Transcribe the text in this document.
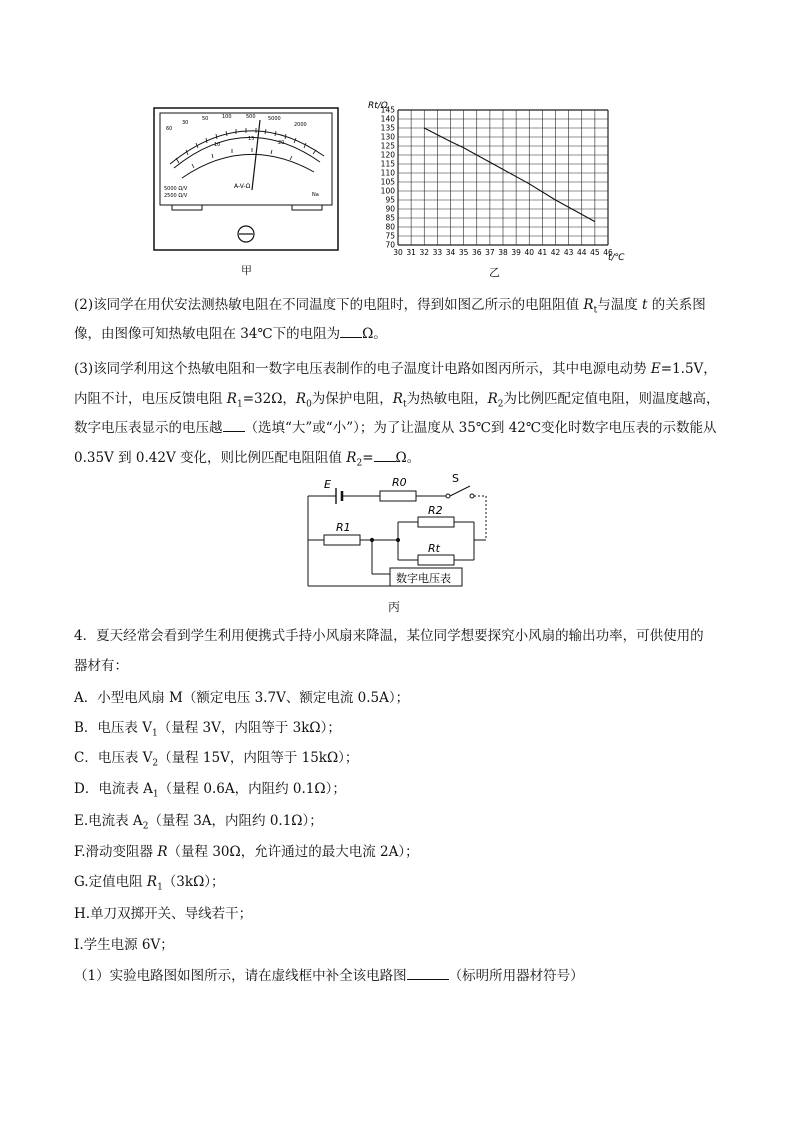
60
30
50	100	500 5000
2000
10
15
20
A-V-Ω
5000 Ω/V
2500 Ω/V	Na
甲
Rt/Ω
t/℃
70
75
80
85
90
95
100
105
110
115
120
125
130
135
140
145
30 31 32 33 34 35 36 37 38 39 40 41 42 43 44 45 46
乙
(2)该同学在用伏安法测热敏电阻在不同温度下的电阻时，得到如图乙所示的电阻阻值 $R_t$与温度 t 的关系图
像，由图像可知热敏电阻在 34℃下的电阻为 Ω。
(3)该同学利用这个热敏电阻和一数字电压表制作的电子温度计电路如图丙所示，其中电源电动势 E=1.5V，
内阻不计，电压反馈电阻 $R_1=32\Omega$，$R_0$为保护电阻，$R_t$为热敏电阻，$R_2$为比例匹配定值电阻，则温度越高，
数字电压表显示的电压越 （选填“大”或“小”）；为了让温度从 35℃到 42℃变化时数字电压表的示数能从
0.35V 到 0.42V 变化，则比例匹配电阻阻值 $R_2= \Omega$。
E	R0	S
R1
R2
Rt
数字电压表
丙
4．夏天经常会看到学生利用便携式手持小风扇来降温，某位同学想要探究小风扇的输出功率，可供使用的
器材有：
A．小型电风扇 M（额定电压 3.7V、额定电流 0.5A）；
B．电压表 $V_1$（量程 3V，内阻等于 3kΩ）；
C．电压表 $V_2$（量程 15V，内阻等于 15kΩ）；
D．电流表 $A_1$（量程 0.6A，内阻约 0.1Ω）；
E.电流表 $A_2$（量程 3A，内阻约 0.1Ω）；
F.滑动变阻器 R（量程 30Ω，允许通过的最大电流 2A）；
G.定值电阻 $R_1(3k\Omega)$；
H.单刀双掷开关、导线若干；
I.学生电源 6V；
（1）实验电路图如图所示，请在虚线框中补全该电路图	（标明所用器材符号）
